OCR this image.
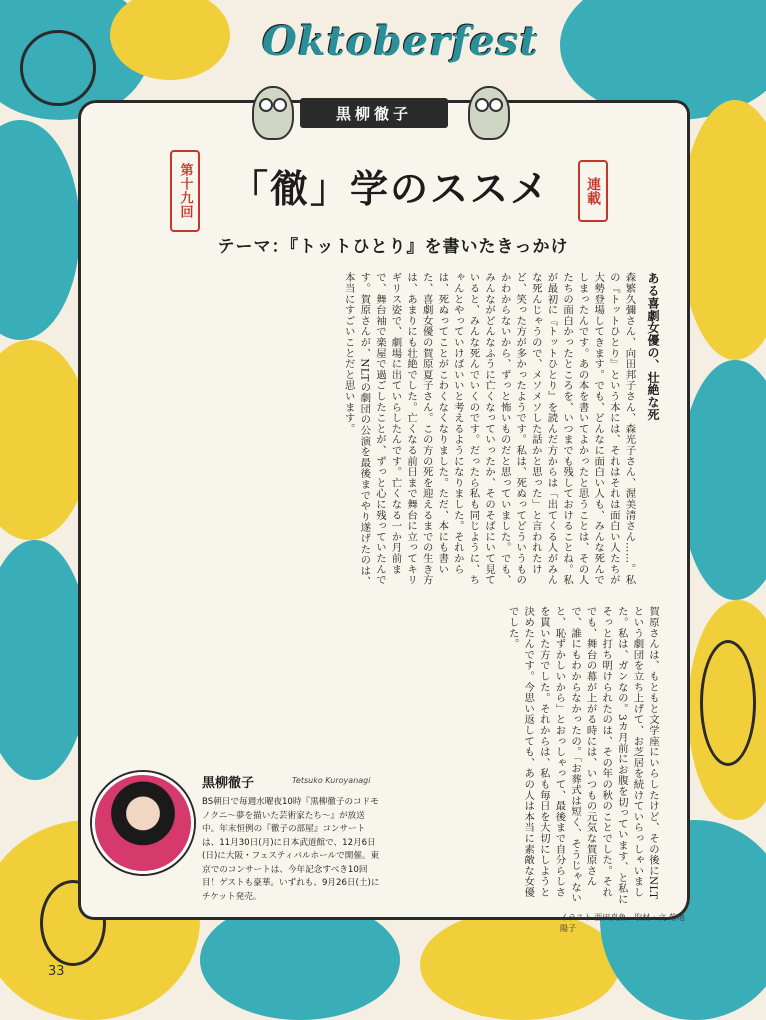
Oktoberfest
黒柳徹子
第十九回 「徹」学のススメ	連載
テーマ：『トットひとり』を書いたきっかけ
ある喜劇女優の、壮絶な死
森繁久彌さん、向田邦子さん、森光子さん、渥美清さん……。私の『トットひとり』という本には、それはそれは面白い人たちが大勢登場してきます。でも、どんなに面白い人も、みんな死んでしまったんです。あの本を書いてよかったと思うことは、その人たちの面白かったところを、いつまでも残しておけることね。私が最初に『トットひとり』を読んだ方からは「出てくる人がみんな死んじゃうので、メソメソした話かと思った」と言われたけど、笑った方が多かったようです。私は、死ぬってどういうものかわからないから、ずっと怖いものだと思っていました。でも、みんながどんなふうに亡くなっていったか、そのそばにいて見ていると、みんな死んでいくのです。だったら私も同じように、ちゃんとやっていけばいいと考えるようになりました。それからは、死ぬってことがこわくなくなりました。ただ、本にも書いた、喜劇女優の賀原夏子さん。この方の死を迎えるまでの生き方は、あまりにも壮絶でした。亡くなる前日まで舞台に立ってキリギリス姿で、劇場に出ていらしたんです。亡くなる一か月前まで、舞台袖で楽屋で過ごしたことが、ずっと心に残っていたんです。賀原さんが、NLTの劇団の公演を最後までやり遂げたのは、本当にすごいことだと思います。
賀原さんは、もともと文学座にいらしたけど、その後にNLTという劇団を立ち上げて、お芝居を続けていらっしゃいました。私は、ガンなの。3カ月前にお腹を切っています、と私にそっと打ち明けられたのは、その年の秋のことでした。それでも、舞台の幕が上がる時には、いつもの元気な賀原さんで、誰にもわからなかったの。「お葬式は短く、そうじゃないと、恥ずかしいから」とおっしゃって、最後まで自分らしさを貫いた方でした。それからは、私も毎日を大切にしようと決めたんです。今思い返しても、あの人は本当に素敵な女優でした。
黒柳徹子	Tetsuko Kuroyanagi
BS朝日で毎週水曜夜10時『黒柳徹子のコドモノクニ〜夢を描いた芸術家たち〜』が放送中。年末恒例の『徹子の部屋』コンサートは、11月30日(月)に日本武道館で、12月6日(日)に大阪・フェスティバルホールで開催。東京でのコンサートは、今年記念すべき10回目！ゲストも豪華。いずれも、9月26日(土)にチケット発売。
イラスト 西田真魚　取材・文 菊地陽子
33
